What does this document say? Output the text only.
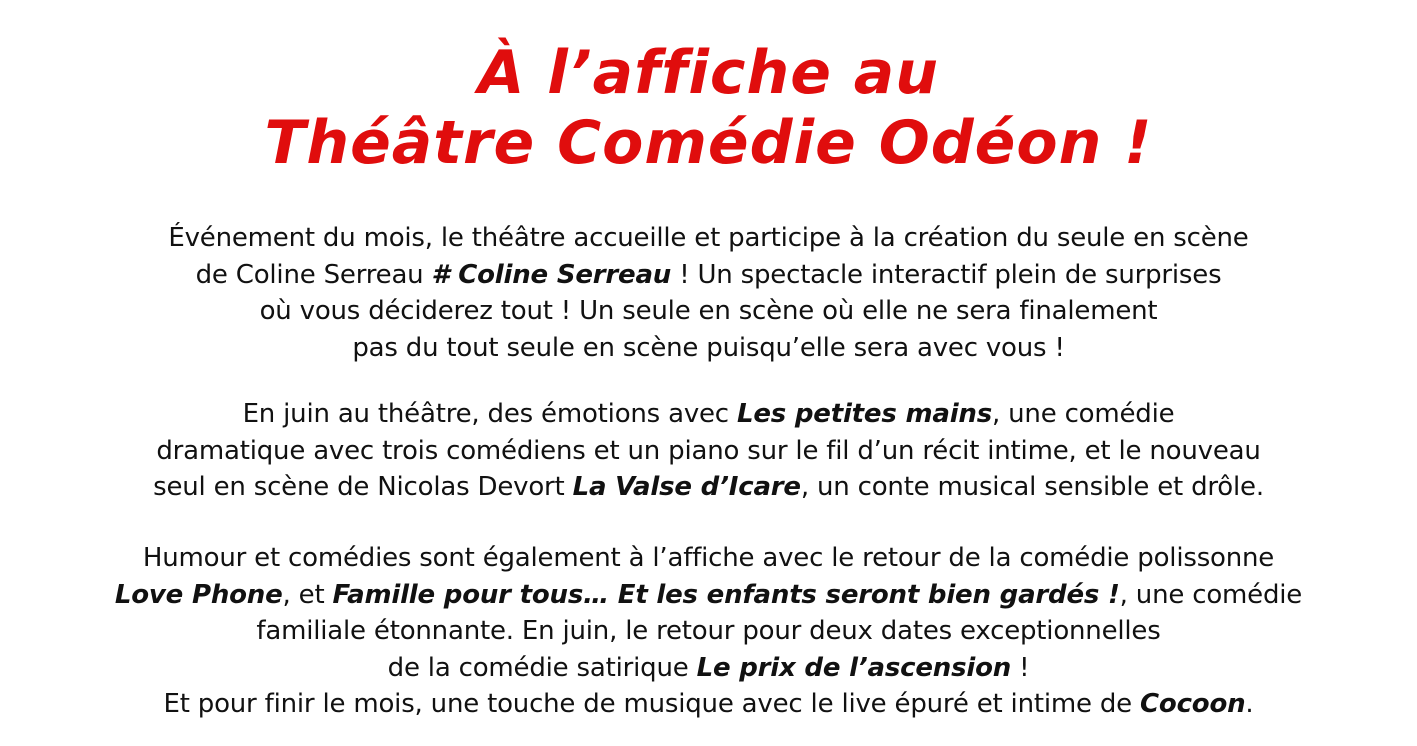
À l’affiche au
Théâtre Comédie Odéon !

Événement du mois, le théâtre accueille et participe à la création du seule en scène
de Coline Serreau # Coline Serreau ! Un spectacle interactif plein de surprises
où vous déciderez tout ! Un seule en scène où elle ne sera finalement
pas du tout seule en scène puisqu’elle sera avec vous !

En juin au théâtre, des émotions avec Les petites mains, une comédie
dramatique avec trois comédiens et un piano sur le fil d’un récit intime, et le nouveau
seul en scène de Nicolas Devort La Valse d’Icare, un conte musical sensible et drôle.

Humour et comédies sont également à l’affiche avec le retour de la comédie polissonne
Love Phone, et Famille pour tous… Et les enfants seront bien gardés !, une comédie
familiale étonnante. En juin, le retour pour deux dates exceptionnelles
de la comédie satirique Le prix de l’ascension !
Et pour finir le mois, une touche de musique avec le live épuré et intime de Cocoon.
